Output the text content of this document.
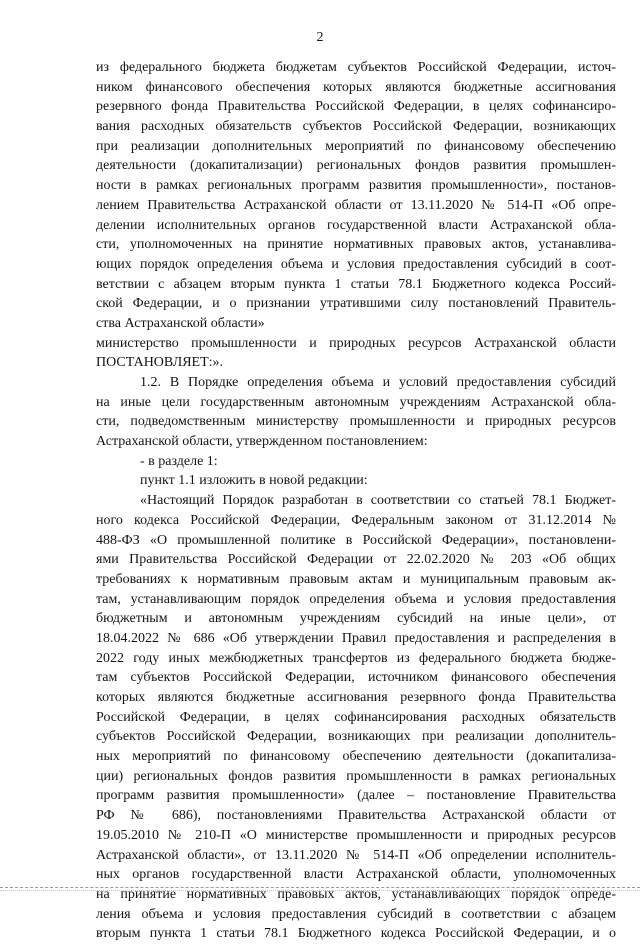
2
из федерального бюджета бюджетам субъектов Российской Федерации, источ-
ником финансового обеспечения которых являются бюджетные ассигнования
резервного фонда Правительства Российской Федерации, в целях софинансиро-
вания расходных обязательств субъектов Российской Федерации, возникающих
при реализации дополнительных мероприятий по финансовому обеспечению
деятельности (докапитализации) региональных фондов развития промышлен-
ности в рамках региональных программ развития промышленности», постанов-
лением Правительства Астраханской области от 13.11.2020 № 514-П «Об опре-
делении исполнительных органов государственной власти Астраханской обла-
сти, уполномоченных на принятие нормативных правовых актов, устанавлива-
ющих порядок определения объема и условия предоставления субсидий в соот-
ветствии с абзацем вторым пункта 1 статьи 78.1 Бюджетного кодекса Россий-
ской Федерации, и о признании утратившими силу постановлений Правитель-
ства Астраханской области»
министерство промышленности и природных ресурсов Астраханской области
ПОСТАНОВЛЯЕТ:».
1.2. В Порядке определения объема и условий предоставления субсидий
на иные цели государственным автономным учреждениям Астраханской обла-
сти, подведомственным министерству промышленности и природных ресурсов
Астраханской области, утвержденном постановлением:
- в разделе 1:
пункт 1.1 изложить в новой редакции:
«Настоящий Порядок разработан в соответствии со статьей 78.1 Бюджет-
ного кодекса Российской Федерации, Федеральным законом от 31.12.2014 №
488-ФЗ «О промышленной политике в Российской Федерации», постановлени-
ями Правительства Российской Федерации от 22.02.2020 № 203 «Об общих
требованиях к нормативным правовым актам и муниципальным правовым ак-
там, устанавливающим порядок определения объема и условия предоставления
бюджетным и автономным учреждениям субсидий на иные цели», от
18.04.2022 № 686 «Об утверждении Правил предоставления и распределения в
2022 году иных межбюджетных трансфертов из федерального бюджета бюдже-
там субъектов Российской Федерации, источником финансового обеспечения
которых являются бюджетные ассигнования резервного фонда Правительства
Российской Федерации, в целях софинансирования расходных обязательств
субъектов Российской Федерации, возникающих при реализации дополнитель-
ных мероприятий по финансовому обеспечению деятельности (докапитализа-
ции) региональных фондов развития промышленности в рамках региональных
программ развития промышленности» (далее – постановление Правительства
РФ № 686), постановлениями Правительства Астраханской области от
19.05.2010 № 210-П «О министерстве промышленности и природных ресурсов
Астраханской области», от 13.11.2020 № 514-П «Об определении исполнитель-
ных органов государственной власти Астраханской области, уполномоченных
на принятие нормативных правовых актов, устанавливающих порядок опреде-
ления объема и условия предоставления субсидий в соответствии с абзацем
вторым пункта 1 статьи 78.1 Бюджетного кодекса Российской Федерации, и о
